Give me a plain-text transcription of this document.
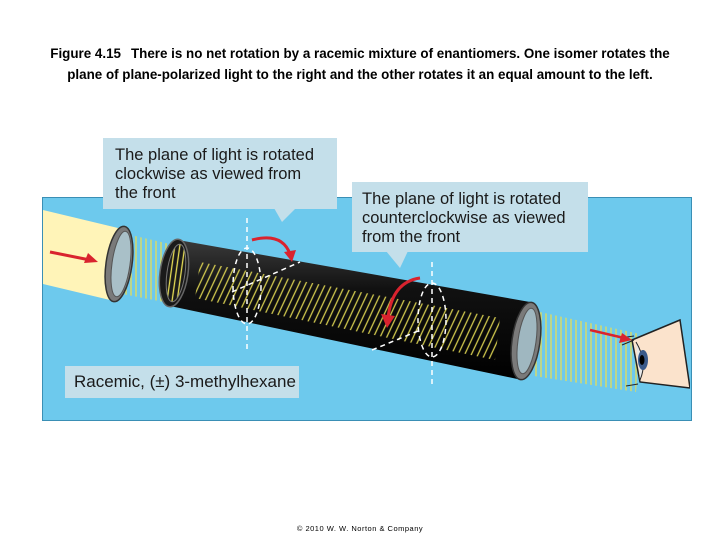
Figure 4.15 There is no net rotation by a racemic mixture of enantiomers. One isomer rotates the
plane of plane-polarized light to the right and the other rotates it an equal amount to the left.
The plane of light is rotated
clockwise as viewed from
the front	The plane of light is rotated
counterclockwise as viewed
from the front
Racemic, (±) 3-methylhexane
© 2010 W. W. Norton & Company
